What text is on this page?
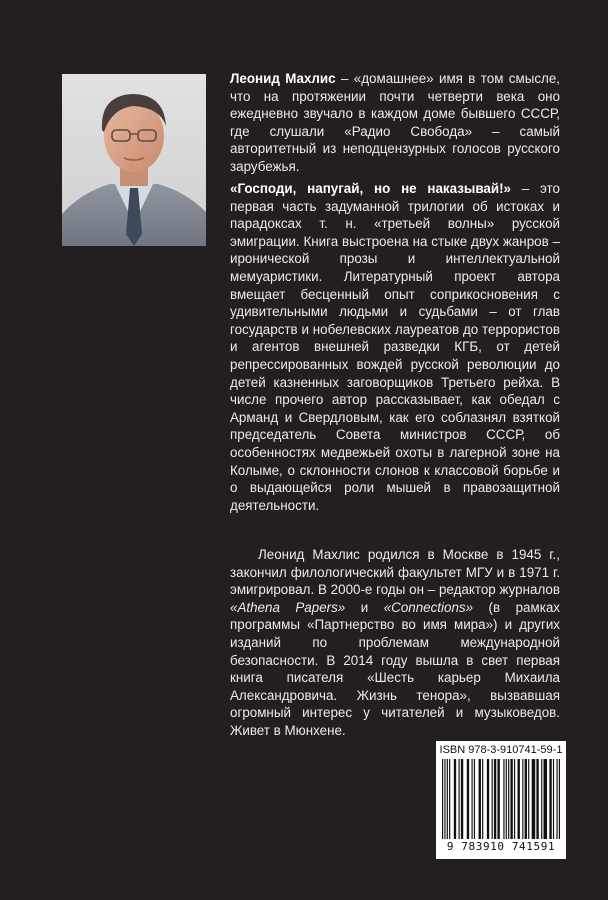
Леонид Махлис – «домашнее» имя в том смысле, что на протяжении почти четверти века оно ежедневно звучало в каждом доме бывшего СССР, где слушали «Радио Свобода» – самый авторитетный из неподцензурных голосов русского зарубежья.
«Господи, напугай, но не наказывай!» – это первая часть задуманной трилогии об истоках и парадоксах т. н. «третьей волны» русской эмиграции. Книга выстроена на стыке двух жанров – иронической прозы и интеллектуальной мемуаристики. Литературный проект автора вмещает бесценный опыт соприкосновения с удивительными людьми и судьбами – от глав государств и нобелевских лауреатов до террористов и агентов внешней разведки КГБ, от детей репрессированных вождей русской революции до детей казненных заговорщиков Третьего рейха. В числе прочего автор рассказывает, как обедал с Арманд и Свердловым, как его соблазнял взяткой председатель Совета министров СССР, об особенностях медвежьей охоты в лагерной зоне на Колыме, о склонности слонов к классовой борьбе и о выдающейся роли мышей в правозащитной деятельности.
Леонид Махлис родился в Москве в 1945 г., закончил филологический факультет МГУ и в 1971 г. эмигрировал. В 2000-е годы он – редактор журналов «Athena Papers» и «Connections» (в рамках программы «Партнерство во имя мира») и других изданий по проблемам международной безопасности. В 2014 году вышла в свет первая книга писателя «Шесть карьер Михаила Александровича. Жизнь тенора», вызвавшая огромный интерес у читателей и музыковедов. Живет в Мюнхене.
ISBN 978-3-910741-59-1
9 783910 741591
